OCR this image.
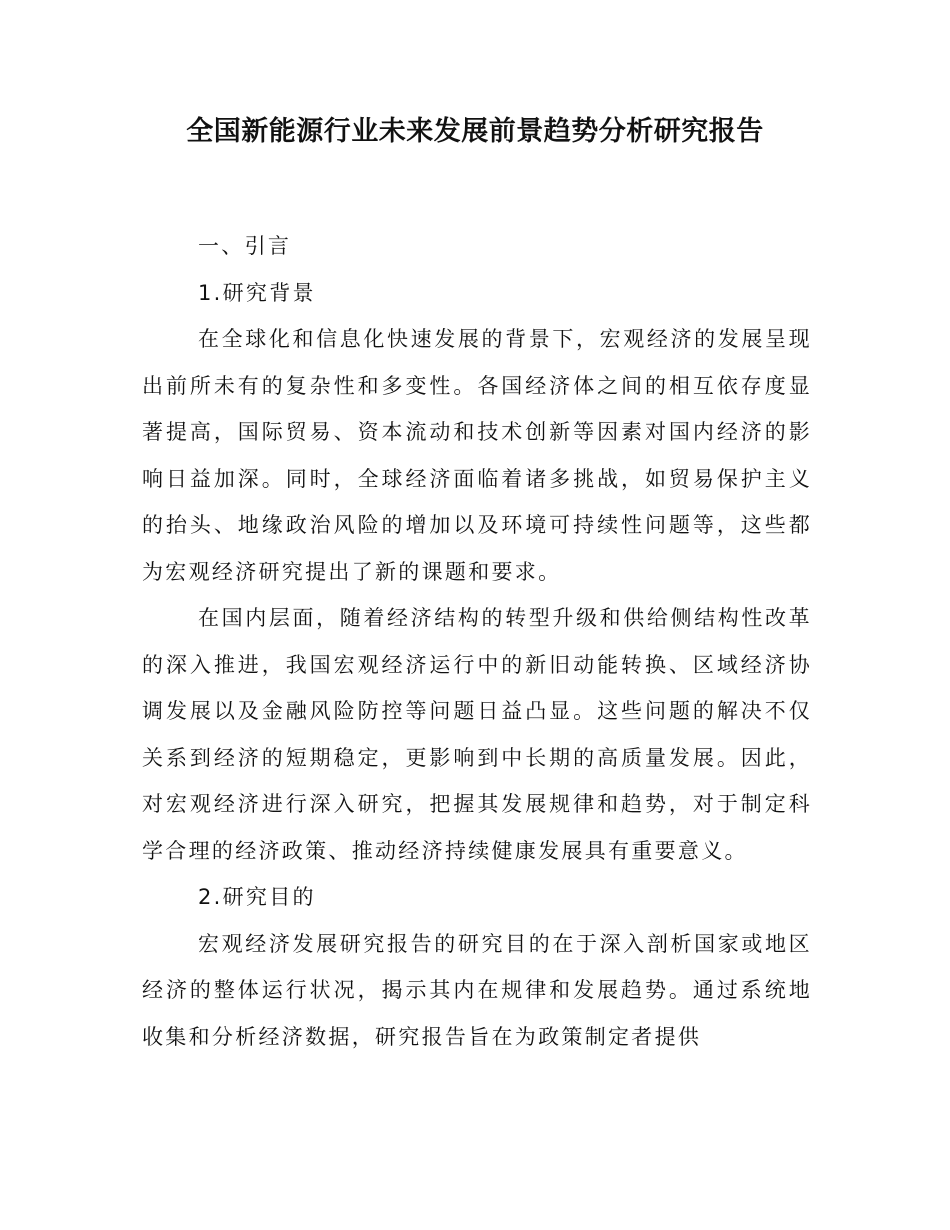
全国新能源行业未来发展前景趋势分析研究报告

一、引言

1.研究背景

在全球化和信息化快速发展的背景下，宏观经济的发展呈现出前所未有的复杂性和多变性。各国经济体之间的相互依存度显著提高，国际贸易、资本流动和技术创新等因素对国内经济的影响日益加深。同时，全球经济面临着诸多挑战，如贸易保护主义的抬头、地缘政治风险的增加以及环境可持续性问题等，这些都为宏观经济研究提出了新的课题和要求。

在国内层面，随着经济结构的转型升级和供给侧结构性改革的深入推进，我国宏观经济运行中的新旧动能转换、区域经济协调发展以及金融风险防控等问题日益凸显。这些问题的解决不仅关系到经济的短期稳定，更影响到中长期的高质量发展。因此，对宏观经济进行深入研究，把握其发展规律和趋势，对于制定科学合理的经济政策、推动经济持续健康发展具有重要意义。

2.研究目的

宏观经济发展研究报告的研究目的在于深入剖析国家或地区经济的整体运行状况，揭示其内在规律和发展趋势。通过系统地收集和分析经济数据，研究报告旨在为政策制定者提供
